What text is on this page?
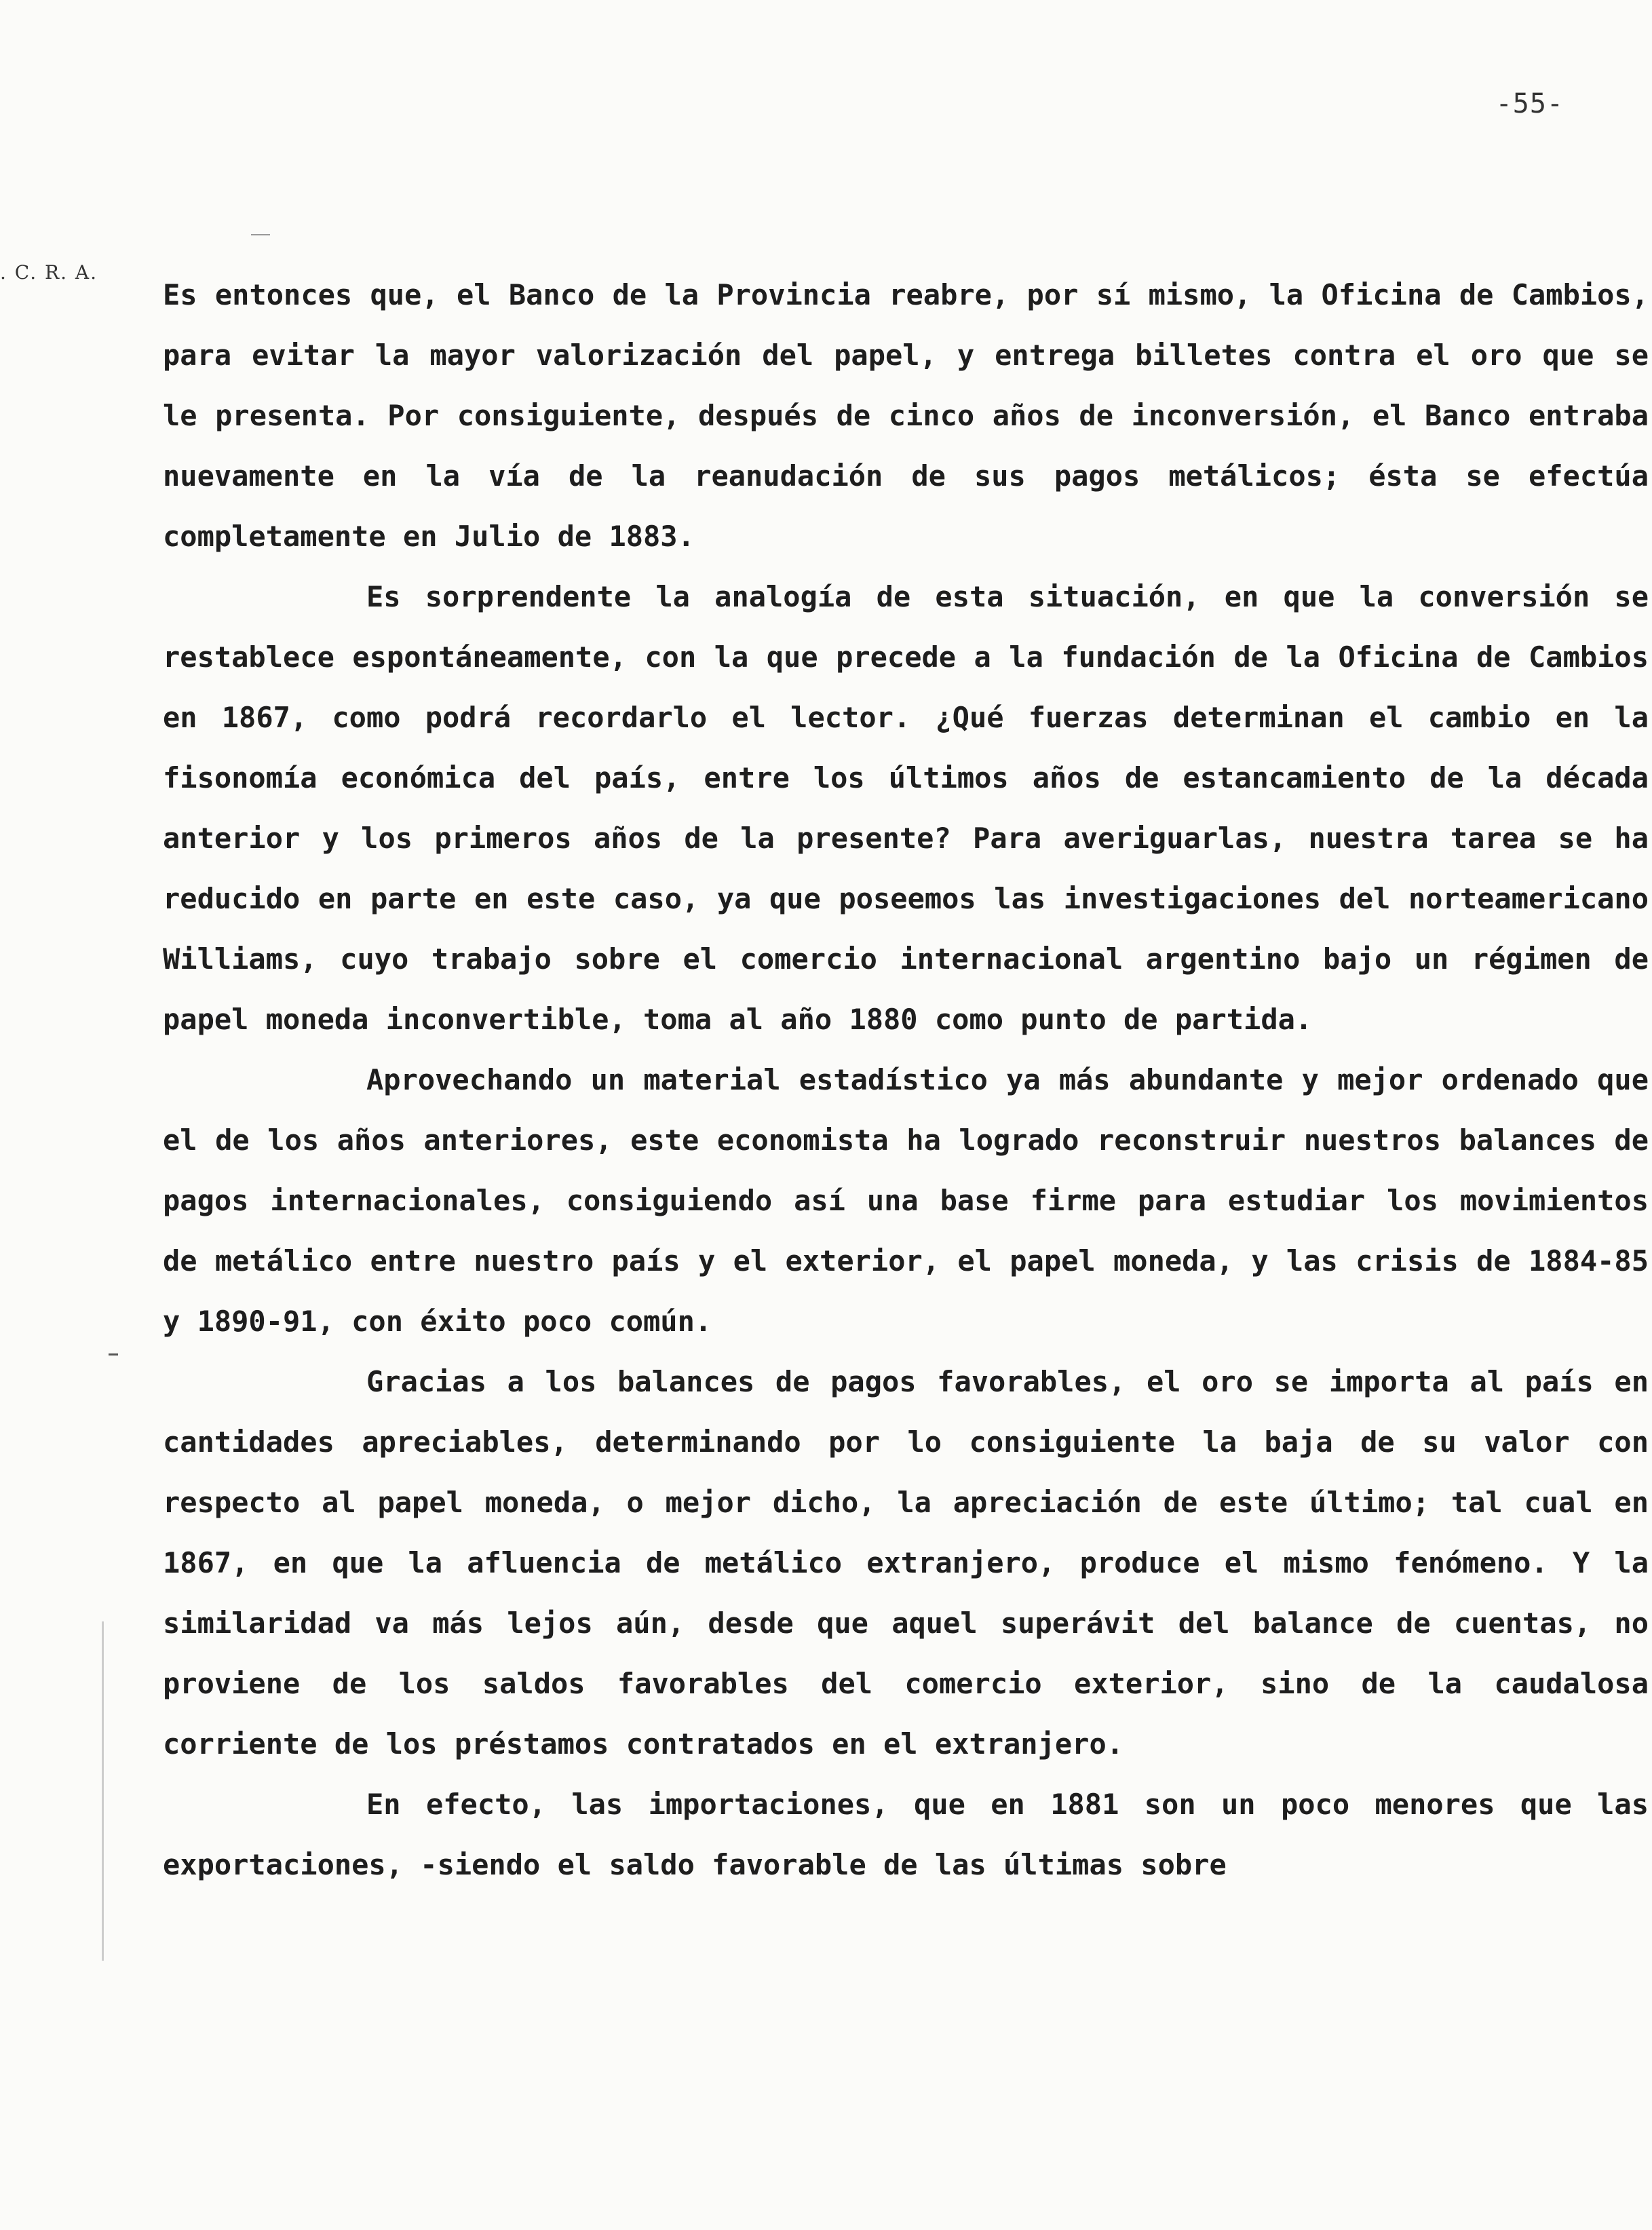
-55-
. C. R. A.

Es entonces que, el Banco de la Provincia reabre, por sí mismo, la Oficina de Cambios, para evitar la mayor valorización del papel, y entrega billetes contra el oro que se le presenta. Por consiguiente, después de cinco años de inconversión, el Banco entraba nuevamente en la vía de la reanudación de sus pagos metálicos; ésta se efectúa completamente en Julio de 1883.

Es sorprendente la analogía de esta situación, en que la conversión se restablece espontáneamente, con la que precede a la fundación de la Oficina de Cambios en 1867, como podrá recordarlo el lector. ¿Qué fuerzas determinan el cambio en la fisonomía económica del país, entre los últimos años de estancamiento de la década anterior y los primeros años de la presente? Para averiguarlas, nuestra tarea se ha reducido en parte en este caso, ya que poseemos las investigaciones del norteamericano Williams, cuyo trabajo sobre el comercio internacional argentino bajo un régimen de papel moneda inconvertible, toma al año 1880 como punto de partida.

Aprovechando un material estadístico ya más abundante y mejor ordenado que el de los años anteriores, este economista ha logrado reconstruir nuestros balances de pagos internacionales, consiguiendo así una base firme para estudiar los movimientos de metálico entre nuestro país y el exterior, el papel moneda, y las crisis de 1884-85 y 1890-91, con éxito poco común.

Gracias a los balances de pagos favorables, el oro se importa al país en cantidades apreciables, determinando por lo consiguiente la baja de su valor con respecto al papel moneda, o mejor dicho, la apreciación de este último; tal cual en 1867, en que la afluencia de metálico extranjero, produce el mismo fenómeno. Y la similaridad va más lejos aún, desde que aquel superávit del balance de cuentas, no proviene de los saldos favorables del comercio exterior, sino de la caudalosa corriente de los préstamos contratados en el extranjero.

En efecto, las importaciones, que en 1881 son un poco menores que las exportaciones, -siendo el saldo favorable de las últimas sobre
